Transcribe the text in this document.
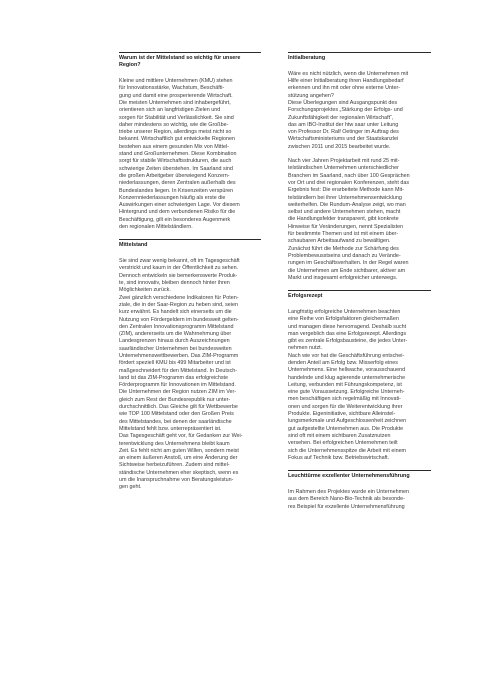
Warum ist der Mittelstand so wichtig für unsere Region?

Kleine und mittlere Unternehmen (KMU) stehen
für Innovationsstärke, Wachstum, Beschäfti-
gung und damit eine prosperierende Wirtschaft.
Die meisten Unternehmen sind inhabergeführt,
orientieren sich an langfristigen Zielen und
sorgen für Stabilität und Verlässlichkeit. Sie sind
daher mindestens so wichtig, wie die Großbe-
triebe unserer Region, allerdings meist nicht so
bekannt. Wirtschaftlich gut entwickelte Regionen
bestehen aus einem gesunden Mix von Mittel-
stand und Großunternehmen. Diese Kombination
sorgt für stabile Wirtschaftsstrukturen, die auch
schwierige Zeiten überstehen. Im Saarland sind
die großen Arbeitgeber überwiegend Konzern-
niederlassungen, deren Zentralen außerhalb des
Bundeslandes liegen. In Krisenzeiten verspüren
Konzernniederlassungen häufig als erste die
Auswirkungen einer schwierigen Lage. Vor diesem
Hintergrund und dem verbundenen Risiko für die
Beschäftigung, gilt ein besonderes Augenmerk
den regionalen Mittelständlern.

Mittelstand

Sie sind zwar wenig bekannt, oft im Tagesgeschäft
verstrickt und kaum in der Öffentlichkeit zu sehen.
Dennoch entwickeln sie bemerkenswerte Produk-
te, sind innovativ, bleiben dennoch hinter ihren
Möglichkeiten zurück.
Zwei gänzlich verschiedene Indikatoren für Poten-
ziale, die in der Saar-Region zu heben sind, seien
kurz erwähnt. Es handelt sich einerseits um die
Nutzung von Fördergeldern im bundesweit gelten-
den Zentralen Innovationsprogramm Mittelstand
(ZIM), andererseits um die Wahrnehmung über
Landesgrenzen hinaus durch Auszeichnungen
saarländischer Unternehmen bei bundesweiten
Unternehmenswettbewerben. Das ZIM-Programm
fördert speziell KMU bis 499 Mitarbeiter und ist
maßgeschneidert für den Mittelstand. In Deutsch-
land ist das ZIM-Programm das erfolgreichste
Förderprogramm für Innovationen im Mittelstand.
Die Unternehmen der Region nutzen ZIM im Ver-
gleich zum Rest der Bundesrepublik nur unter-
durchschnittlich. Das Gleiche gilt für Wettbewerbe
wie TOP 100 Mittelstand oder den Großen Preis
des Mittelstandes, bei denen der saarländische
Mittelstand fehlt bzw. unterrepräsentiert ist.
Das Tagesgeschäft geht vor, für Gedanken zur Wei-
terentwicklung des Unternehmens bleibt kaum
Zeit. Es fehlt nicht am guten Willen, sondern meist
an einem äußeren Anstoß, um eine Änderung der
Sichtweise herbeizuführen. Zudem sind mittel-
ständische Unternehmen eher skeptisch, wenn es
um die Inanspruchnahme von Beratungsleistun-
gen geht.

Initialberatung

Wäre es nicht nützlich, wenn die Unternehmen mit
Hilfe einer Initialberatung ihren Handlungsbedarf
erkennen und ihn mit oder ohne externe Unter-
stützung angehen?
Diese Überlegungen sind Ausgangspunkt des
Forschungsprojektes „Stärkung der Erfolgs- und
Zukunftsfähigkeit der regionalen Wirtschaft“,
das am IBO-Institut der htw saar unter Leitung
von Professor Dr. Ralf Oetinger im Auftrag des
Wirtschaftsministeriums und der Staatskanzlei
zwischen 2011 und 2015 bearbeitet wurde.

Nach vier Jahren Projektarbeit mit rund 25 mit-
telständischen Unternehmen unterschiedlicher
Branchen im Saarland, nach über 100 Gesprächen
vor Ort und drei regionalen Konferenzen, steht das
Ergebnis fest: Die erarbeitete Methode kann Mit-
telständlern bei ihrer Unternehmensentwicklung
weiterhelfen. Die Rundum-Analyse zeigt, wo man
selbst und andere Unternehmen stehen, macht
die Handlungsfelder transparent, gibt konkrete
Hinweise für Veränderungen, nennt Spezialisten
für bestimmte Themen und ist mit einem über-
schaubaren Arbeitsaufwand zu bewältigen.
Zunächst führt die Methode zur Schärfung des
Problembewusstseins und danach zu Verände-
rungen im Geschäftsverhalten. In der Regel waren
die Unternehmen am Ende sichtbarer, aktiver am
Markt und insgesamt erfolgreicher unterwegs.

Erfolgsrezept

Langfristig erfolgreiche Unternehmen beachten
eine Reihe von Erfolgsfaktoren gleichermaßen
und managen diese hervorragend. Deshalb sucht
man vergeblich das eine Erfolgsrezept. Allerdings
gibt es zentrale Erfolgsbausteine, die jedes Unter-
nehmen nutzt.
Nach wie vor hat die Geschäftsführung entschei-
denden Anteil am Erfolg bzw. Misserfolg eines
Unternehmens. Eine hellwache, vorausschauend
handelnde und klug agierende unternehmerische
Leitung, verbunden mit Führungskompetenz, ist
eine gute Voraussetzung. Erfolgreiche Unterneh-
men beschäftigen sich regelmäßig mit Innovati-
onen und sorgen für die Weiterentwicklung ihrer
Produkte. Eigeninitiative, sichtbare Alleinstel-
lungsmerkmale und Aufgeschlossenheit zeichnen
gut aufgestellte Unternehmen aus. Die Produkte
sind oft mit einem sichtbaren Zusatznutzen
versehen. Bei erfolgreichen Unternehmen teilt
sich die Unternehmensspitze die Arbeit mit einem
Fokus auf Technik bzw. Betriebswirtschaft.

Leuchttürme exzellenter Unternehmensführung

Im Rahmen des Projektes wurde ein Unternehmen
aus dem Bereich Nano-Bio-Technik als besonde-
res Beispiel für exzellente Unternehmensführung
